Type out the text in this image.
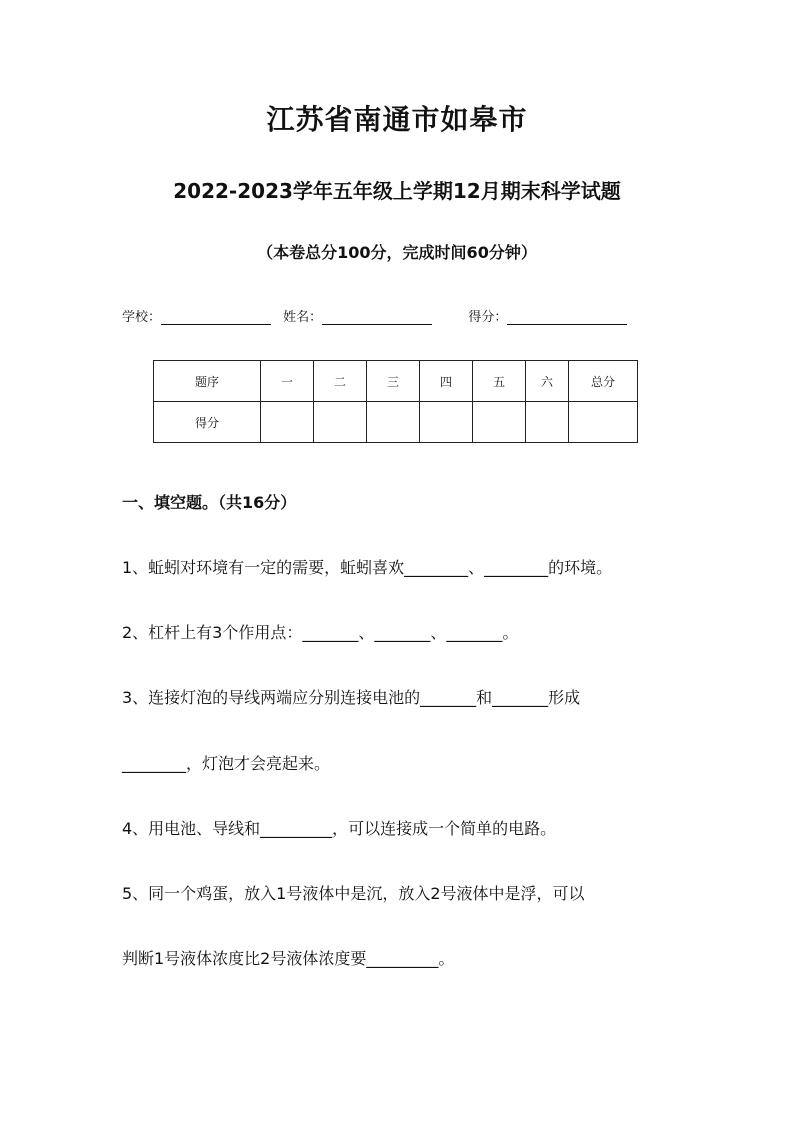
江苏省南通市如皋市
2022-2023学年五年级上学期12月期末科学试题
（本卷总分100分，完成时间60分钟）
学校：	姓名：	得分：
题序	一	二	三	四	五	六	总分
得分							
一、填空题。（共16分）
1、蚯蚓对环境有一定的需要，蚯蚓喜欢________、________的环境。
2、杠杆上有3个作用点：_______、_______、_______。
3、连接灯泡的导线两端应分别连接电池的_______和_______形成
________，灯泡才会亮起来。
4、用电池、导线和_________，可以连接成一个简单的电路。
5、同一个鸡蛋，放入1号液体中是沉，放入2号液体中是浮，可以
判断1号液体浓度比2号液体浓度要_________。
